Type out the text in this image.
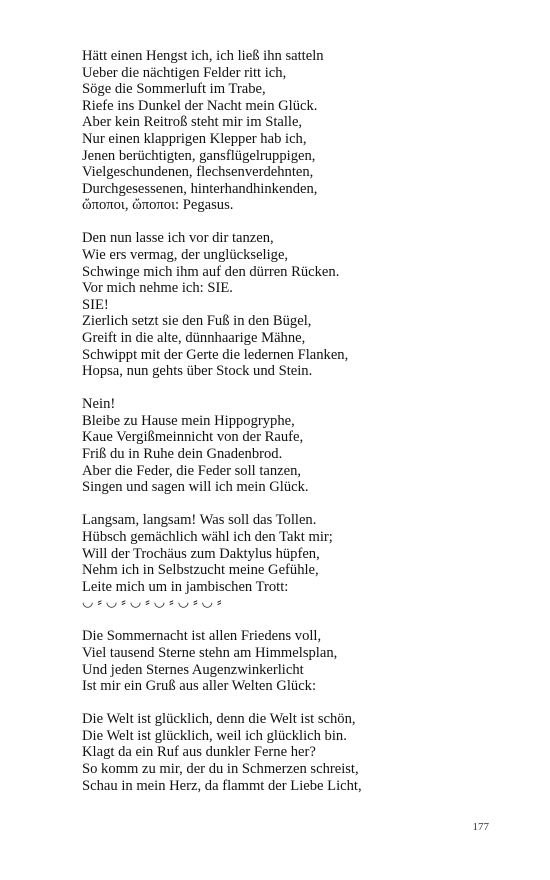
Hätt einen Hengst ich, ich ließ ihn satteln
Ueber die nächtigen Felder ritt ich,
Söge die Sommerluft im Trabe,
Riefe ins Dunkel der Nacht mein Glück.
Aber kein Reitroß steht mir im Stalle,
Nur einen klapprigen Klepper hab ich,
Jenen berüchtigten, gansflügelruppigen,
Vielgeschundenen, flechsenverdehnten,
Durchgesessenen, hinterhandhinkenden,
ὤποποι, ὤποποι: Pegasus.
Den nun lasse ich vor dir tanzen,
Wie ers vermag, der unglückselige,
Schwinge mich ihm auf den dürren Rücken.
Vor mich nehme ich: SIE.
SIE!
Zierlich setzt sie den Fuß in den Bügel,
Greift in die alte, dünnhaarige Mähne,
Schwippt mit der Gerte die ledernen Flanken,
Hopsa, nun gehts über Stock und Stein.
Nein!
Bleibe zu Hause mein Hippogryphe,
Kaue Vergißmeinnicht von der Raufe,
Friß du in Ruhe dein Gnadenbrod.
Aber die Feder, die Feder soll tanzen,
Singen und sagen will ich mein Glück.
Langsam, langsam! Was soll das Tollen.
Hübsch gemächlich wähl ich den Takt mir;
Will der Trochäus zum Daktylus hüpfen,
Nehm ich in Selbstzucht meine Gefühle,
Leite mich um in jambischen Trott:
◡ ⸗ ◡ ⸗ ◡ ⸗ ◡ ⸗ ◡ ⸗ ◡ ⸗
Die Sommernacht ist allen Friedens voll,
Viel tausend Sterne stehn am Himmelsplan,
Und jeden Sternes Augenzwinkerlicht
Ist mir ein Gruß aus aller Welten Glück:
Die Welt ist glücklich, denn die Welt ist schön,
Die Welt ist glücklich, weil ich glücklich bin.
Klagt da ein Ruf aus dunkler Ferne her?
So komm zu mir, der du in Schmerzen schreist,
Schau in mein Herz, da flammt der Liebe Licht,
177
